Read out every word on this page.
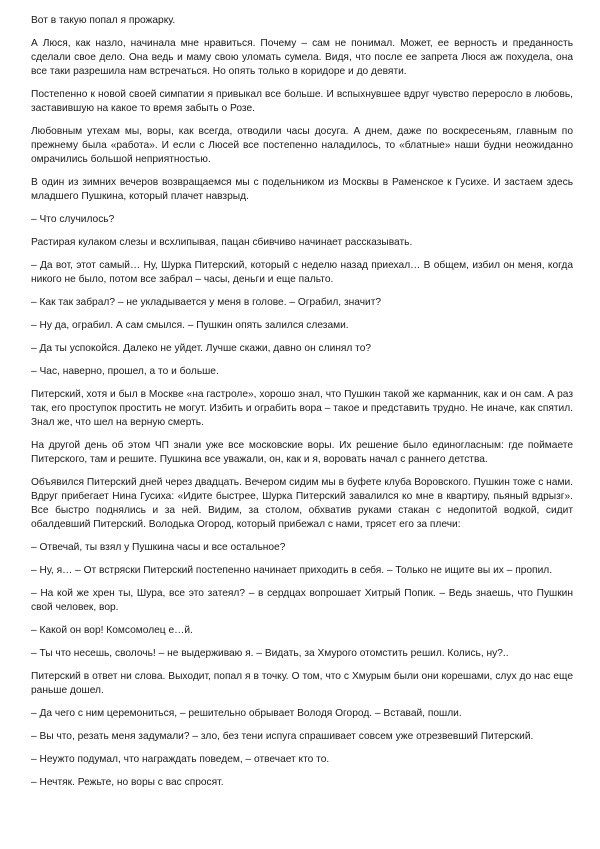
Вот в такую попал я прожарку.

А Люся, как назло, начинала мне нравиться. Почему – сам не понимал. Может, ее верность и преданность сделали свое дело. Она ведь и маму свою уломать сумела. Видя, что после ее запрета Люся аж похудела, она все таки разрешила нам встречаться. Но опять только в коридоре и до девяти.

Постепенно к новой своей симпатии я привыкал все больше. И вспыхнувшее вдруг чувство переросло в любовь, заставившую на какое то время забыть о Розе.

Любовным утехам мы, воры, как всегда, отводили часы досуга. А днем, даже по воскресеньям, главным по прежнему была «работа». И если с Люсей все постепенно наладилось, то «блатные» наши будни неожиданно омрачились большой неприятностью.

В один из зимних вечеров возвращаемся мы с подельником из Москвы в Раменское к Гусихе. И застаем здесь младшего Пушкина, который плачет навзрыд.

– Что случилось?

Растирая кулаком слезы и всхлипывая, пацан сбивчиво начинает рассказывать.

– Да вот, этот самый… Ну, Шурка Питерский, который с неделю назад приехал… В общем, избил он меня, когда никого не было, потом все забрал – часы, деньги и еще пальто.

– Как так забрал? – не укладывается у меня в голове. – Ограбил, значит?

– Ну да, ограбил. А сам смылся. – Пушкин опять залился слезами.

– Да ты успокойся. Далеко не уйдет. Лучше скажи, давно он слинял то?

– Час, наверно, прошел, а то и больше.

Питерский, хотя и был в Москве «на гастроле», хорошо знал, что Пушкин такой же карманник, как и он сам. А раз так, его проступок простить не могут. Избить и ограбить вора – такое и представить трудно. Не иначе, как спятил. Знал же, что шел на верную смерть.

На другой день об этом ЧП знали уже все московские воры. Их решение было единогласным: где поймаете Питерского, там и решите. Пушкина все уважали, он, как и я, воровать начал с раннего детства.

Объявился Питерский дней через двадцать. Вечером сидим мы в буфете клуба Воровского. Пушкин тоже с нами. Вдруг прибегает Нина Гусиха: «Идите быстрее, Шурка Питерский завалился ко мне в квартиру, пьяный вдрызг». Все быстро поднялись и за ней. Видим, за столом, обхватив руками стакан с недопитой водкой, сидит обалдевший Питерский. Володька Огород, который прибежал с нами, трясет его за плечи:

– Отвечай, ты взял у Пушкина часы и все остальное?

– Ну, я… – От встряски Питерский постепенно начинает приходить в себя. – Только не ищите вы их – пропил.

– На кой же хрен ты, Шура, все это затеял? – в сердцах вопрошает Хитрый Попик. – Ведь знаешь, что Пушкин свой человек, вор.

– Какой он вор! Комсомолец е…й.

– Ты что несешь, сволочь! – не выдерживаю я. – Видать, за Хмурого отомстить решил. Колись, ну?..

Питерский в ответ ни слова. Выходит, попал я в точку. О том, что с Хмурым были они корешами, слух до нас еще раньше дошел.

– Да чего с ним церемониться, – решительно обрывает Володя Огород. – Вставай, пошли.

– Вы что, резать меня задумали? – зло, без тени испуга спрашивает совсем уже отрезвевший Питерский.

– Неужто подумал, что награждать поведем, – отвечает кто то.

– Нечтяк. Режьте, но воры с вас спросят.
